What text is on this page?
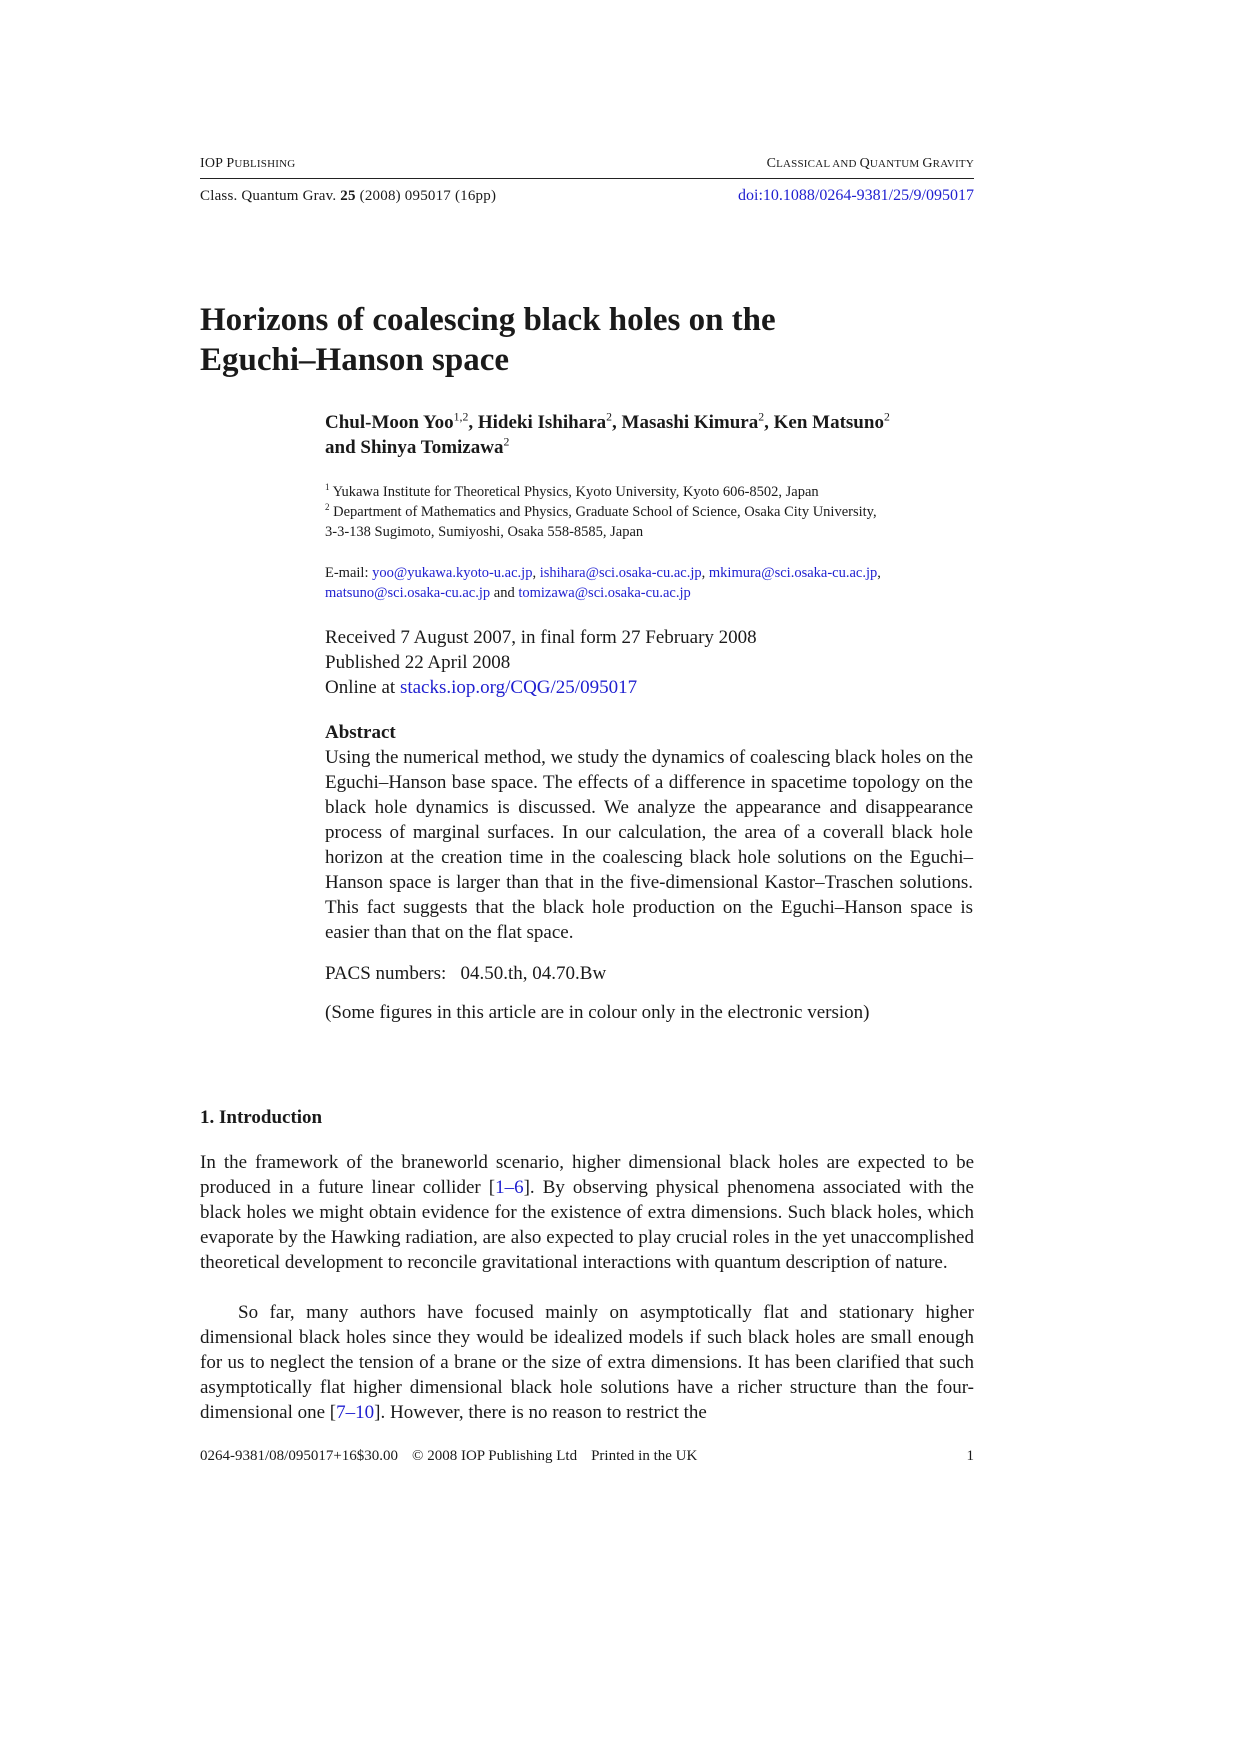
IOP PUBLISHING	CLASSICAL AND QUANTUM GRAVITY
Class. Quantum Grav. 25 (2008) 095017 (16pp)	doi:10.1088/0264-9381/25/9/095017
Horizons of coalescing black holes on the
Eguchi–Hanson space
Chul-Moon Yoo$^{1,2}$, Hideki Ishihara$^2$, Masashi Kimura$^2$, Ken Matsuno$^2$
and Shinya Tomizawa$^2$
$^1$ Yukawa Institute for Theoretical Physics, Kyoto University, Kyoto 606-8502, Japan
$^2$ Department of Mathematics and Physics, Graduate School of Science, Osaka City University,
3-3-138 Sugimoto, Sumiyoshi, Osaka 558-8585, Japan
E-mail: yoo@yukawa.kyoto-u.ac.jp, ishihara@sci.osaka-cu.ac.jp, mkimura@sci.osaka-cu.ac.jp,
matsuno@sci.osaka-cu.ac.jp and tomizawa@sci.osaka-cu.ac.jp
Received 7 August 2007, in final form 27 February 2008
Published 22 April 2008
Online at stacks.iop.org/CQG/25/095017
Abstract
Using the numerical method, we study the dynamics of coalescing black holes on the Eguchi–Hanson base space. The effects of a difference in spacetime topology on the black hole dynamics is discussed. We analyze the appearance and disappearance process of marginal surfaces. In our calculation, the area of a coverall black hole horizon at the creation time in the coalescing black hole solutions on the Eguchi–Hanson space is larger than that in the five-dimensional Kastor–Traschen solutions. This fact suggests that the black hole production on the Eguchi–Hanson space is easier than that on the flat space.
PACS numbers:   04.50.th, 04.70.Bw
(Some figures in this article are in colour only in the electronic version)
1. Introduction
In the framework of the braneworld scenario, higher dimensional black holes are expected to be produced in a future linear collider [1–6]. By observing physical phenomena associated with the black holes we might obtain evidence for the existence of extra dimensions. Such black holes, which evaporate by the Hawking radiation, are also expected to play crucial roles in the yet unaccomplished theoretical development to reconcile gravitational interactions with quantum description of nature.
So far, many authors have focused mainly on asymptotically flat and stationary higher dimensional black holes since they would be idealized models if such black holes are small enough for us to neglect the tension of a brane or the size of extra dimensions. It has been clarified that such asymptotically flat higher dimensional black hole solutions have a richer structure than the four-dimensional one [7–10]. However, there is no reason to restrict the
0264-9381/08/095017+16$30.00 © 2008 IOP Publishing Ltd Printed in the UK	1
